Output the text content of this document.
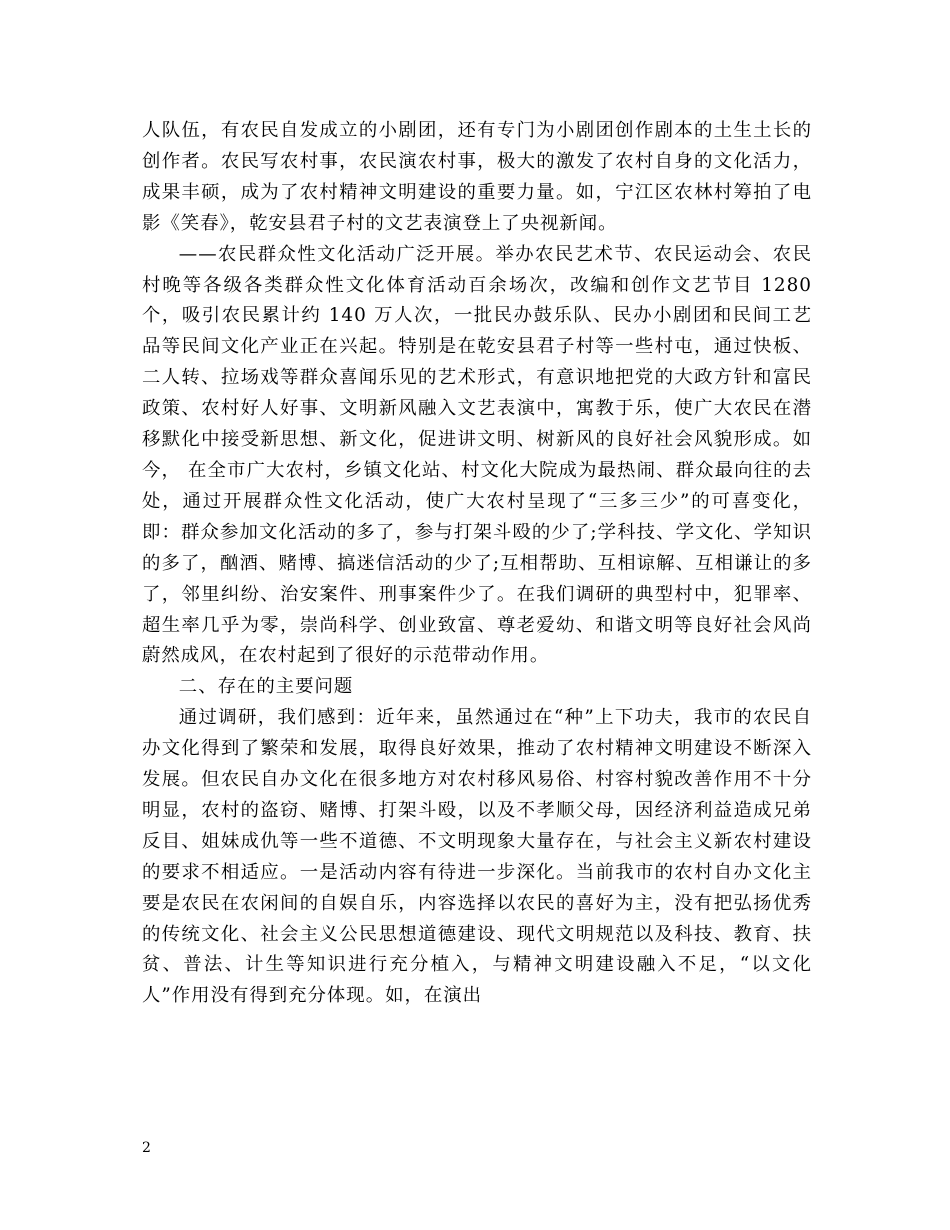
人队伍，有农民自发成立的小剧团，还有专门为小剧团创作剧本的土生土长的创作者。农民写农村事，农民演农村事，极大的激发了农村自身的文化活力，成果丰硕，成为了农村精神文明建设的重要力量。如，宁江区农林村筹拍了电影《笑春》，乾安县君子村的文艺表演登上了央视新闻。

——农民群众性文化活动广泛开展。举办农民艺术节、农民运动会、农民村晚等各级各类群众性文化体育活动百余场次，改编和创作文艺节目 1280 个，吸引农民累计约 140 万人次，一批民办鼓乐队、民办小剧团和民间工艺品等民间文化产业正在兴起。特别是在乾安县君子村等一些村屯，通过快板、二人转、拉场戏等群众喜闻乐见的艺术形式，有意识地把党的大政方针和富民政策、农村好人好事、文明新风融入文艺表演中，寓教于乐，使广大农民在潜移默化中接受新思想、新文化，促进讲文明、树新风的良好社会风貌形成。如今， 在全市广大农村，乡镇文化站、村文化大院成为最热闹、群众最向往的去处，通过开展群众性文化活动，使广大农村呈现了“三多三少”的可喜变化，即：群众参加文化活动的多了，参与打架斗殴的少了;学科技、学文化、学知识的多了，酗酒、赌博、搞迷信活动的少了;互相帮助、互相谅解、互相谦让的多了，邻里纠纷、治安案件、刑事案件少了。在我们调研的典型村中，犯罪率、超生率几乎为零，崇尚科学、创业致富、尊老爱幼、和谐文明等良好社会风尚蔚然成风，在农村起到了很好的示范带动作用。

二、存在的主要问题

通过调研，我们感到：近年来，虽然通过在“种”上下功夫，我市的农民自办文化得到了繁荣和发展，取得良好效果，推动了农村精神文明建设不断深入发展。但农民自办文化在很多地方对农村移风易俗、村容村貌改善作用不十分明显，农村的盗窃、赌博、打架斗殴，以及不孝顺父母，因经济利益造成兄弟反目、姐妹成仇等一些不道德、不文明现象大量存在，与社会主义新农村建设的要求不相适应。一是活动内容有待进一步深化。当前我市的农村自办文化主要是农民在农闲间的自娱自乐，内容选择以农民的喜好为主，没有把弘扬优秀的传统文化、社会主义公民思想道德建设、现代文明规范以及科技、教育、扶贫、普法、计生等知识进行充分植入，与精神文明建设融入不足，“以文化人”作用没有得到充分体现。如，在演出

2
